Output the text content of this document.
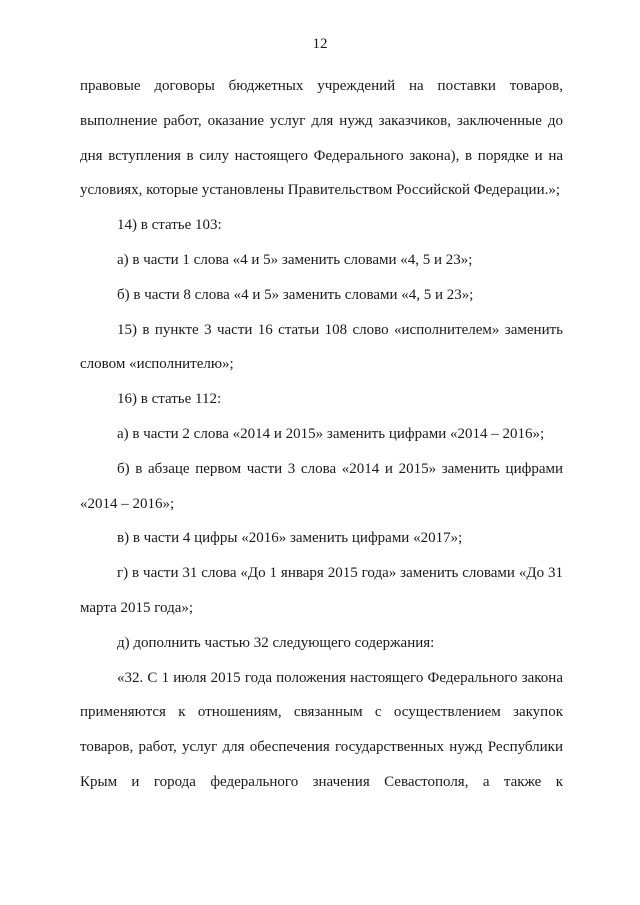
12

правовые договоры бюджетных учреждений на поставки товаров, выполнение работ, оказание услуг для нужд заказчиков, заключенные до дня вступления в силу настоящего Федерального закона), в порядке и на условиях, которые установлены Правительством Российской Федерации.»;

14) в статье 103:

а) в части 1 слова «4 и 5» заменить словами «4, 5 и 23»;

б) в части 8 слова «4 и 5» заменить словами «4, 5 и 23»;

15) в пункте 3 части 16 статьи 108 слово «исполнителем» заменить словом «исполнителю»;

16) в статье 112:

а) в части 2 слова «2014 и 2015» заменить цифрами «2014 – 2016»;

б) в абзаце первом части 3 слова «2014 и 2015» заменить цифрами «2014 – 2016»;

в) в части 4 цифры «2016» заменить цифрами «2017»;

г) в части 31 слова «До 1 января 2015 года» заменить словами «До 31 марта 2015 года»;

д) дополнить частью 32 следующего содержания:

«32. С 1 июля 2015 года положения настоящего Федерального закона применяются к отношениям, связанным с осуществлением закупок товаров, работ, услуг для обеспечения государственных нужд Республики Крым и города федерального значения Севастополя, а также к
